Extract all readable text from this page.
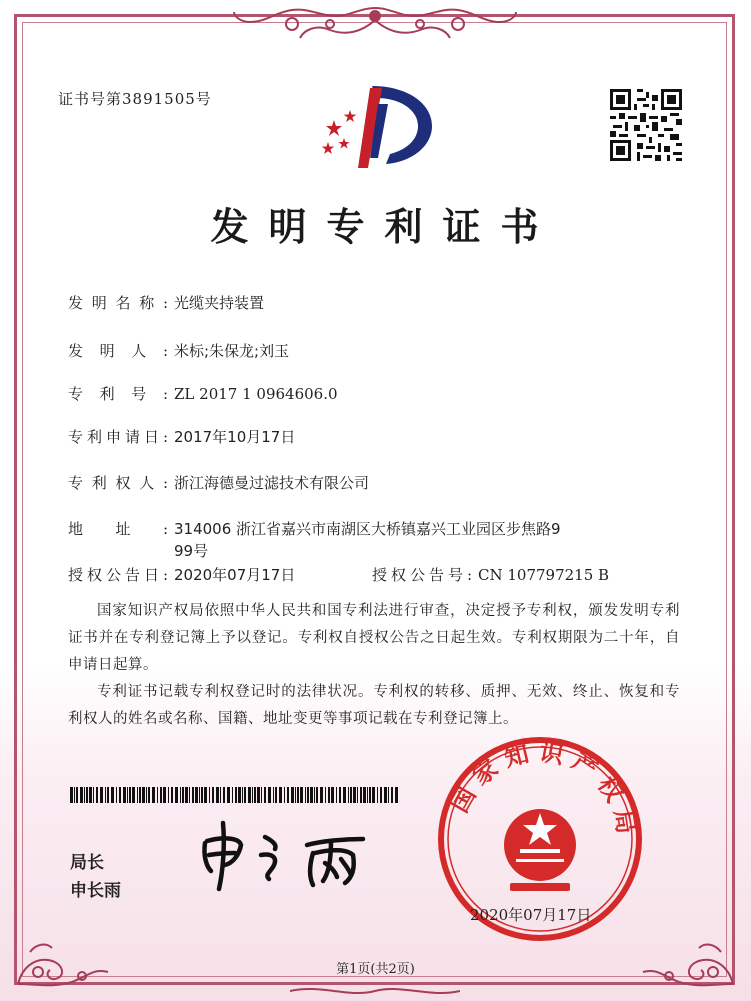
证书号第3891505号
发明专利证书
发明名称: 光缆夹持装置
发明人: 米标;朱保龙;刘玉
专利号: ZL 2017 1 0964606.0
专利申请日: 2017年10月17日
专利权人: 浙江海德曼过滤技术有限公司
地址: 314006 浙江省嘉兴市南湖区大桥镇嘉兴工业园区步焦路9
99号
授权公告日: 2020年07月17日	授权公告号: CN 107797215 B
国家知识产权局依照中华人民共和国专利法进行审查，决定授予专利权，颁发发明专利证书并在专利登记簿上予以登记。专利权自授权公告之日起生效。专利权期限为二十年，自申请日起算。
专利证书记载专利权登记时的法律状况。专利权的转移、质押、无效、终止、恢复和专利权人的姓名或名称、国籍、地址变更等事项记载在专利登记簿上。
局长
申长雨
国家知识产权局
2020年07月17日
第1页(共2页)
